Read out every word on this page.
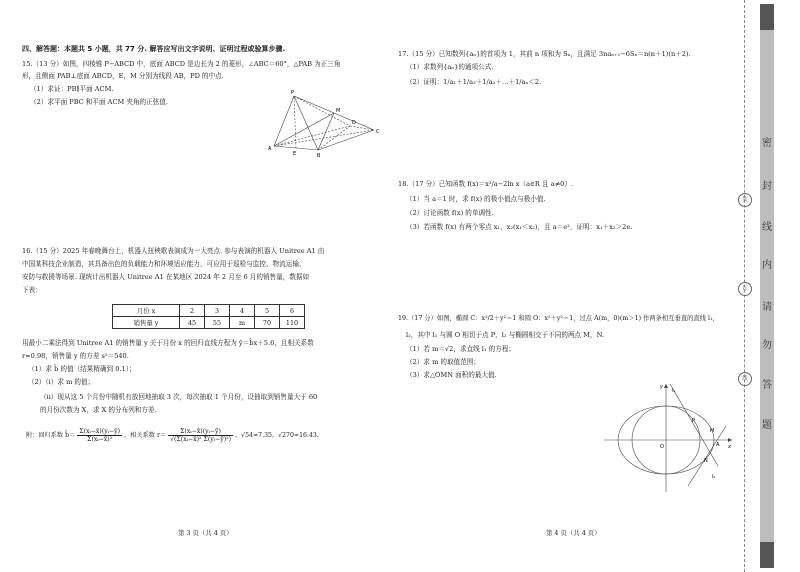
四、解答题：本题共 5 小题，共 77 分. 解答应写出文字说明、证明过程或验算步骤.
15.（13 分）如图，四棱锥 P−ABCD 中，底面 ABCD 是边长为 2 的菱形，∠ABC＝60°，△PAB 为正三角
形，且侧面 PAB⊥底面 ABCD，E，M 分别为线段 AB，PD 的中点.
（1）求证：PB∥平面 ACM.
（2）求平面 PBC 和平面 ACM 夹角的正弦值.
P
A
B
C
D
E
M
16.（15 分）2025 年春晚舞台上，机器人扭秧歌表演成为一大亮点. 参与表演的机器人 Unitree A1 由
中国某科技企业制造，其具备出色的负载能力和环境适应能力，可应用于巡检与监控、物流运输、
安防与救援等场景. 现统计出机器人 Unitree A1 在某地区 2024 年 2 月至 6 月的销售量，数据如
下表：
月份 x	2	3	4	5	6
销售量 y	45	55	m	70	110
用最小二乘法得到 Unitree A1 的销售量 y 关于月份 x 的回归直线方程为 ŷ＝b̂x＋5.6，且相关系数
r≈0.98，销售量 y 的方差 s²＝540.
（1）求 b̂ 的值（结果精确到 0.1）；
（2）（ⅰ）求 m 的值；
（ⅱ）现从这 5 个月份中随机有放回地抽取 3 次，每次抽取 1 个月份，设抽取到销售量大于 60
的月份次数为 X，求 X 的分布列和方差.
附：回归系数 b̂＝ $\frac{\text{Σ(xᵢ−x̄)(yᵢ−ȳ)}}{\text{Σ(xᵢ−x̄)²}}$ ，相关系数 $r= \frac{\text{Σ(xᵢ−x̄)(yᵢ−ȳ)}}{\text{√(Σ(xᵢ−x̄)² Σ(yᵢ−ȳ)²)}}$ ，√54≈7.35，√270≈16.43.
第 3 页（共 4 页）
17.（15 分）已知数列{aₙ}的首项为 1，其前 n 项和为 Sₙ，且满足 3naₙ₊₁−6Sₙ＝n(n＋1)(n＋2).
（1）求数列{aₙ}的通项公式.
（2）证明：1/a₁＋1/a₂＋1/a₃＋…＋1/aₙ＜2.
18.（17 分）已知函数 f(x)＝x²/a−2ln x（a∈R 且 a≠0）.
（1）当 a＝1 时，求 f(x) 的极小值点与极小值.
（2）讨论函数 f(x) 的单调性.
（3）若函数 f(x) 有两个零点 x₁，x₂(x₁＜x₂)，且 a＝e²，证明：x₁＋x₂＞2e.
19.（17 分）如图，椭圆 C：x²/2＋y²＝1 和圆 O：x²＋y²＝1，过点 A(m，0)(m＞1) 作两条相互垂直的直线 l₁，
l₂，其中 l₁ 与圆 O 相切于点 P，l₂ 与椭圆相交于不同的两点 M，N.
（1）若 m＝√2，求直线 l₁ 的方程；
（2）求 m 的取值范围；
（3）求△OMN 面积的最大值.
y
x
O	A
P
M
N
l₁
l₂
第 4 页（共 4 页）
密
封
线
内
请
勿
答
题
装
订
线
